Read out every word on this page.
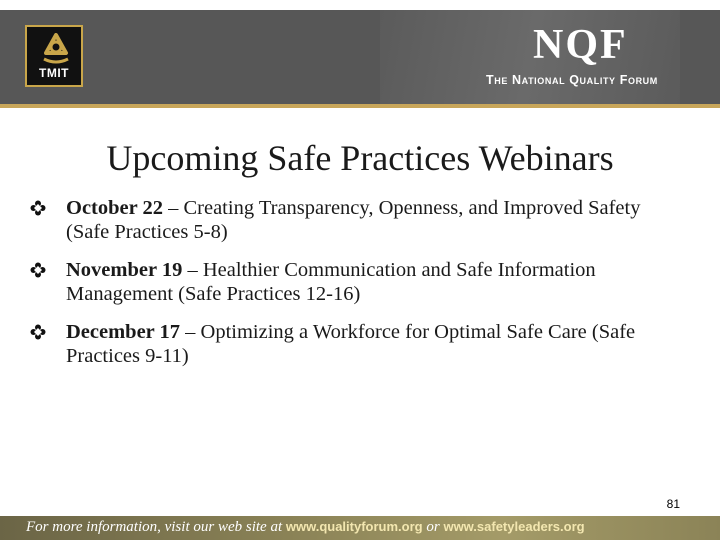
TMIT
NQF
The National Quality Forum
Upcoming Safe Practices Webinars
October 22 – Creating Transparency, Openness, and Improved Safety (Safe Practices 5-8)
November 19 – Healthier Communication and Safe Information Management (Safe Practices 12-16)
December 17 – Optimizing a Workforce for Optimal Safe Care (Safe Practices 9-11)
81
For more information, visit our web site at www.qualityforum.org or www.safetyleaders.org
